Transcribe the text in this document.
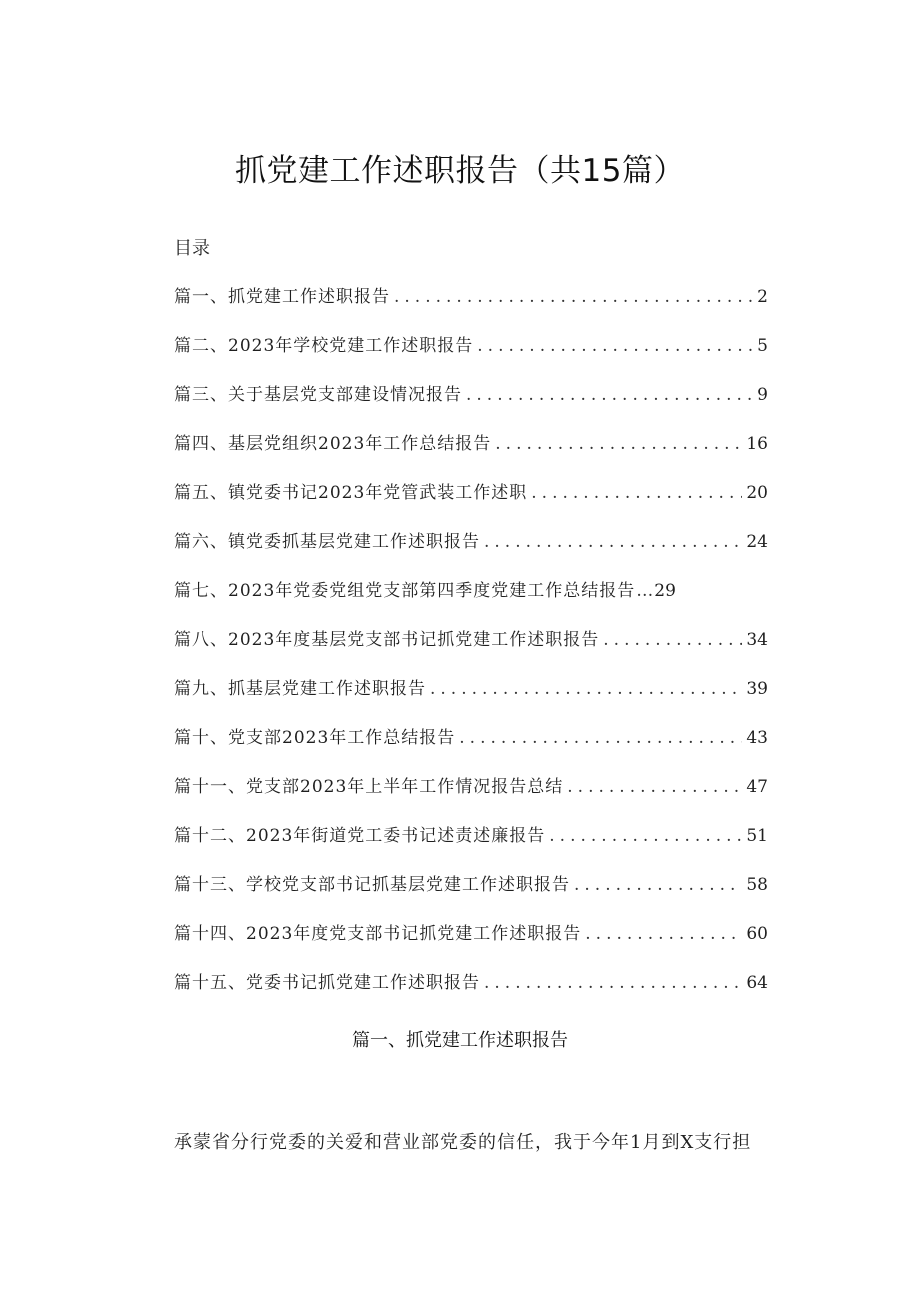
抓党建工作述职报告（共15篇）
目录
篇一、抓党建工作述职报告 .....	2
篇二、2023年学校党建工作述职报告 .....	5
篇三、关于基层党支部建设情况报告 .....	9
篇四、基层党组织2023年工作总结报告 .....	16
篇五、镇党委书记2023年党管武装工作述职 .....	20
篇六、镇党委抓基层党建工作述职报告 .....	24
篇七、2023年党委党组党支部第四季度党建工作总结报告 … 29
篇八、2023年度基层党支部书记抓党建工作述职报告 .....	34
篇九、抓基层党建工作述职报告 .....	39
篇十、党支部2023年工作总结报告 .....	43
篇十一、党支部2023年上半年工作情况报告总结 .....	47
篇十二、2023年街道党工委书记述责述廉报告 .....	51
篇十三、学校党支部书记抓基层党建工作述职报告 .....	58
篇十四、2023年度党支部书记抓党建工作述职报告 .....	60
篇十五、党委书记抓党建工作述职报告 .....	64
篇一、抓党建工作述职报告
承蒙省分行党委的关爱和营业部党委的信任，我于今年1月到X支行担
